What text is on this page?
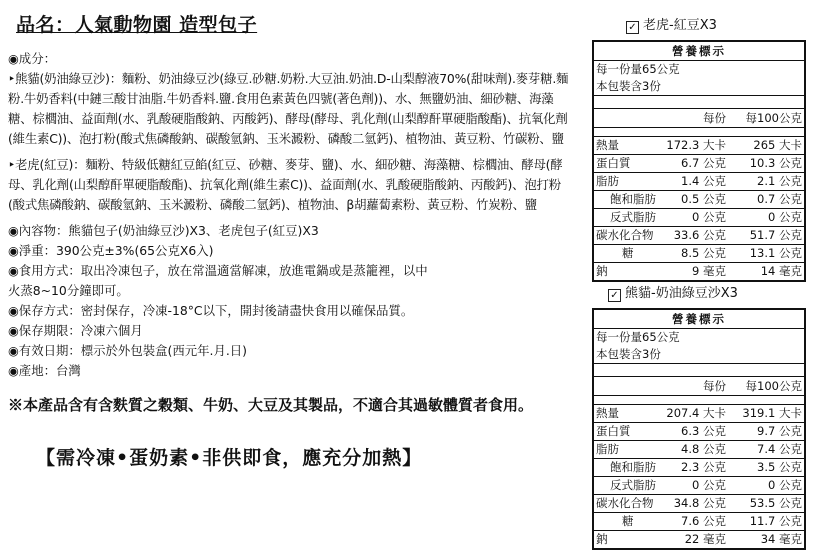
品名：人氣動物園 造型包子
◉成分：
‣熊貓(奶油綠豆沙)：麵粉、奶油綠豆沙(綠豆.砂糖.奶粉.大豆油.奶油.D-山梨醇液70%(甜味劑).麥芽糖.麵粉.牛奶香料(中鏈三酸甘油脂.牛奶香料.鹽.食用色素黃色四號(著色劑))、水、無鹽奶油、細砂糖、海藻糖、棕櫚油、益面劑(水、乳酸硬脂酸鈉、丙酸鈣)、酵母(酵母、乳化劑(山梨醇酐單硬脂酸酯)、抗氧化劑(維生素C))、泡打粉(酸式焦磷酸鈉、碳酸氫鈉、玉米澱粉、磷酸二氫鈣)、植物油、黃豆粉、竹碳粉、鹽
‣老虎(紅豆)：麵粉、特級低糖紅豆餡(紅豆、砂糖、麥芽、鹽)、水、細砂糖、海藻糖、棕櫚油、酵母(酵母、乳化劑(山梨醇酐單硬脂酸酯)、抗氧化劑(維生素C))、益面劑(水、乳酸硬脂酸鈉、丙酸鈣)、泡打粉(酸式焦磷酸鈉、碳酸氫鈉、玉米澱粉、磷酸二氫鈣)、植物油、β胡蘿蔔素粉、黃豆粉、竹炭粉、鹽
◉內容物：熊貓包子(奶油綠豆沙)X3、老虎包子(紅豆)X3
◉淨重：390公克±3%(65公克X6入)
◉食用方式：取出冷凍包子，放在常溫適當解凍，放進電鍋或是蒸籠裡，以中
火蒸8~10分鐘即可。
◉保存方式：密封保存，冷凍-18°C以下，開封後請盡快食用以確保品質。
◉保存期限：冷凍六個月
◉有效日期：標示於外包裝盒(西元年.月.日)
◉產地：台灣
※本產品含有含麩質之穀類、牛奶、大豆及其製品，不適合其過敏體質者食用。
【需冷凍•蛋奶素•非供即食，應充分加熱】
✓ 老虎-紅豆X3
營養標示
每一份量65公克
本包裝含3份
每份 每100公克
熱量	172.3 大卡 265 大卡
蛋白質	6.7 公克 10.3 公克
脂肪	1.4 公克	2.1 公克
飽和脂肪 0.5 公克	0.7 公克
反式脂肪	0 公克	0 公克
碳水化合物 33.6 公克 51.7 公克
糖	8.5 公克 13.1 公克
鈉	9 毫克	14 毫克
✓ 熊貓-奶油綠豆沙X3
營養標示
每一份量65公克
本包裝含3份
每份 每100公克
熱量	207.4 大卡 319.1 大卡
蛋白質	6.3 公克	9.7 公克
脂肪	4.8 公克	7.4 公克
飽和脂肪 2.3 公克	3.5 公克
反式脂肪	0 公克	0 公克
碳水化合物 34.8 公克 53.5 公克
糖	7.6 公克 11.7 公克
鈉	22 毫克	34 毫克
